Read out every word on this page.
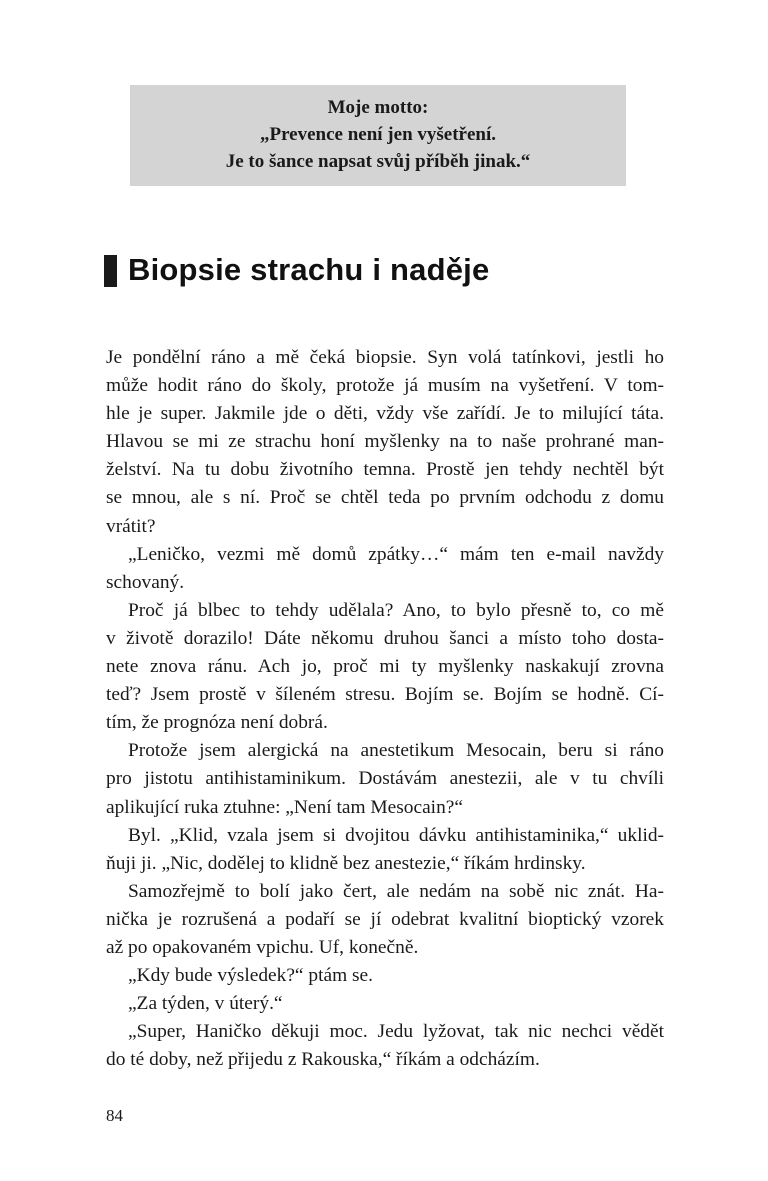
Moje motto:
„Prevence není jen vyšetření.
Je to šance napsat svůj příběh jinak.“
Biopsie strachu i naděje
Je pondělní ráno a mě čeká biopsie. Syn volá tatínkovi, jestli ho
může hodit ráno do školy, protože já musím na vyšetření. V tom-
hle je super. Jakmile jde o děti, vždy vše zařídí. Je to milující táta.
Hlavou se mi ze strachu honí myšlenky na to naše prohrané man-
želství. Na tu dobu životního temna. Prostě jen tehdy nechtěl být
se mnou, ale s ní. Proč se chtěl teda po prvním odchodu z domu
vrátit?
„Leničko, vezmi mě domů zpátky…“ mám ten e-mail navždy
schovaný.
Proč já blbec to tehdy udělala? Ano, to bylo přesně to, co mě
v životě dorazilo! Dáte někomu druhou šanci a místo toho dosta-
nete znova ránu. Ach jo, proč mi ty myšlenky naskakují zrovna
teď? Jsem prostě v šíleném stresu. Bojím se. Bojím se hodně. Cí-
tím, že prognóza není dobrá.
Protože jsem alergická na anestetikum Mesocain, beru si ráno
pro jistotu antihistaminikum. Dostávám anestezii, ale v tu chvíli
aplikující ruka ztuhne: „Není tam Mesocain?“
Byl. „Klid, vzala jsem si dvojitou dávku antihistaminika,“ uklid-
ňuji ji. „Nic, dodělej to klidně bez anestezie,“ říkám hrdinsky.
Samozřejmě to bolí jako čert, ale nedám na sobě nic znát. Ha-
nička je rozrušená a podaří se jí odebrat kvalitní bioptický vzorek
až po opakovaném vpichu. Uf, konečně.
„Kdy bude výsledek?“ ptám se.
„Za týden, v úterý.“
„Super, Haničko děkuji moc. Jedu lyžovat, tak nic nechci vědět
do té doby, než přijedu z Rakouska,“ říkám a odcházím.
84
